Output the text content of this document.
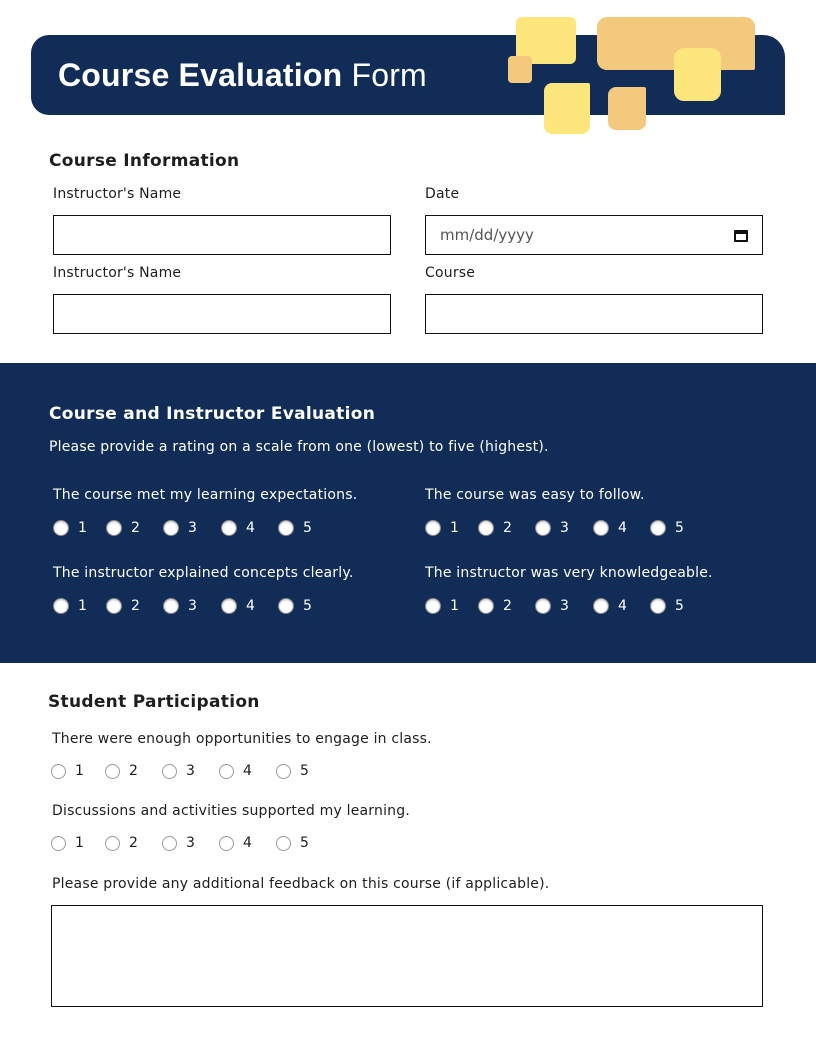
Course Evaluation Form
Course Information
Instructor's Name	Date
mm/dd/yyyy
Instructor's Name	Course
Course and Instructor Evaluation
Please provide a rating on a scale from one (lowest) to five (highest).
The course met my learning expectations.
1	2	3	4	5
The course was easy to follow.
1	2	3	4	5
The instructor explained concepts clearly.
1	2	3	4	5
The instructor was very knowledgeable.
1	2	3	4	5
Student Participation
There were enough opportunities to engage in class.
1	2	3	4	5
Discussions and activities supported my learning.
1	2	3	4	5
Please provide any additional feedback on this course (if applicable).
